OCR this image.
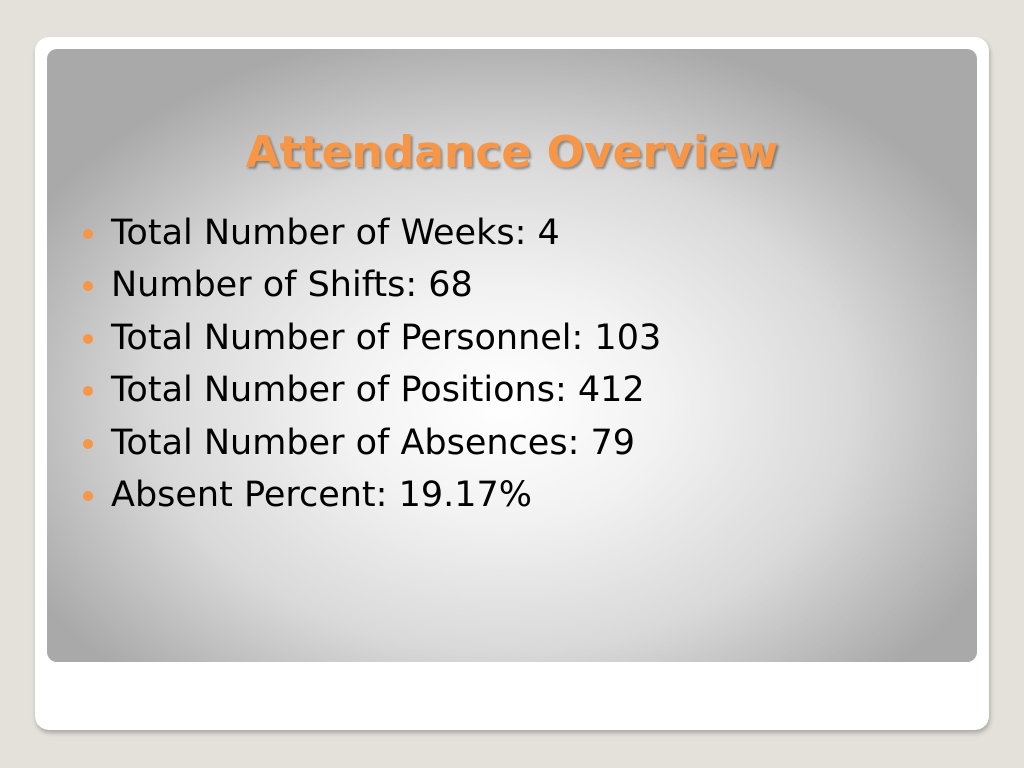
Attendance Overview
Total Number of Weeks: 4
Number of Shifts: 68
Total Number of Personnel: 103
Total Number of Positions: 412
Total Number of Absences: 79
Absent Percent: 19.17%
